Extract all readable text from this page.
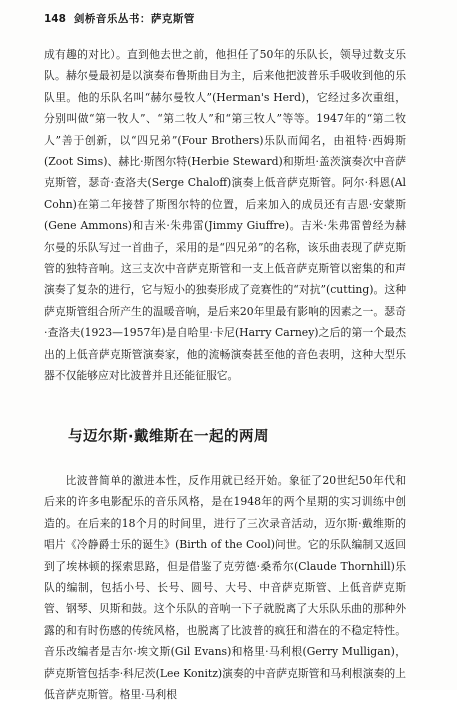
148 剑桥音乐丛书：萨克斯管

成有趣的对比）。直到他去世之前，他担任了50年的乐队长，领导过数支乐队。赫尔曼最初是以演奏布鲁斯曲目为主，后来他把波普乐手吸收到他的乐队里。他的乐队名叫“赫尔曼牧人”(Herman's Herd)，它经过多次重组，分别叫做“第一牧人”、“第二牧人”和“第三牧人”等等。1947年的“第二牧人”善于创新，以“四兄弟”(Four Brothers)乐队而闻名，由祖特·西姆斯(Zoot Sims)、赫比·斯图尔特(Herbie Steward)和斯坦·盖茨演奏次中音萨克斯管，瑟奇·查洛夫(Serge Chaloff)演奏上低音萨克斯管。阿尔·科恩(Al Cohn)在第二年接替了斯图尔特的位置，后来加入的成员还有吉恩·安蒙斯(Gene Ammons)和吉米·朱弗雷(Jimmy Giuffre)。吉米·朱弗雷曾经为赫尔曼的乐队写过一首曲子，采用的是“四兄弟”的名称，该乐曲表现了萨克斯管的独特音响。这三支次中音萨克斯管和一支上低音萨克斯管以密集的和声演奏了复杂的进行，它与短小的独奏形成了竞赛性的“对抗”(cutting)。这种萨克斯管组合所产生的温暖音响，是后来20年里最有影响的因素之一。瑟奇·查洛夫(1923—1957年)是自哈里·卡尼(Harry Carney)之后的第一个最杰出的上低音萨克斯管演奏家，他的流畅演奏甚至他的音色表明，这种大型乐器不仅能够应对比波普并且还能征服它。

与迈尔斯·戴维斯在一起的两周

比波普简单的激进本性，反作用就已经开始。象征了20世纪50年代和后来的许多电影配乐的音乐风格，是在1948年的两个星期的实习训练中创造的。在后来的18个月的时间里，进行了三次录音活动，迈尔斯·戴维斯的唱片《冷静爵士乐的诞生》(Birth of the Cool)问世。它的乐队编制又返回到了埃林顿的探索思路，但是借鉴了克劳德·桑希尔(Claude Thornhill)乐队的编制，包括小号、长号、圆号、大号、中音萨克斯管、上低音萨克斯管、钢琴、贝斯和鼓。这个乐队的音响一下子就脱离了大乐队乐曲的那种外露的和有时伤感的传统风格，也脱离了比波普的疯狂和潜在的不稳定特性。音乐改编者是吉尔·埃文斯(Gil Evans)和格里·马利根(Gerry Mulligan)，萨克斯管包括李·科尼茨(Lee Konitz)演奏的中音萨克斯管和马利根演奏的上低音萨克斯管。格里·马利根
